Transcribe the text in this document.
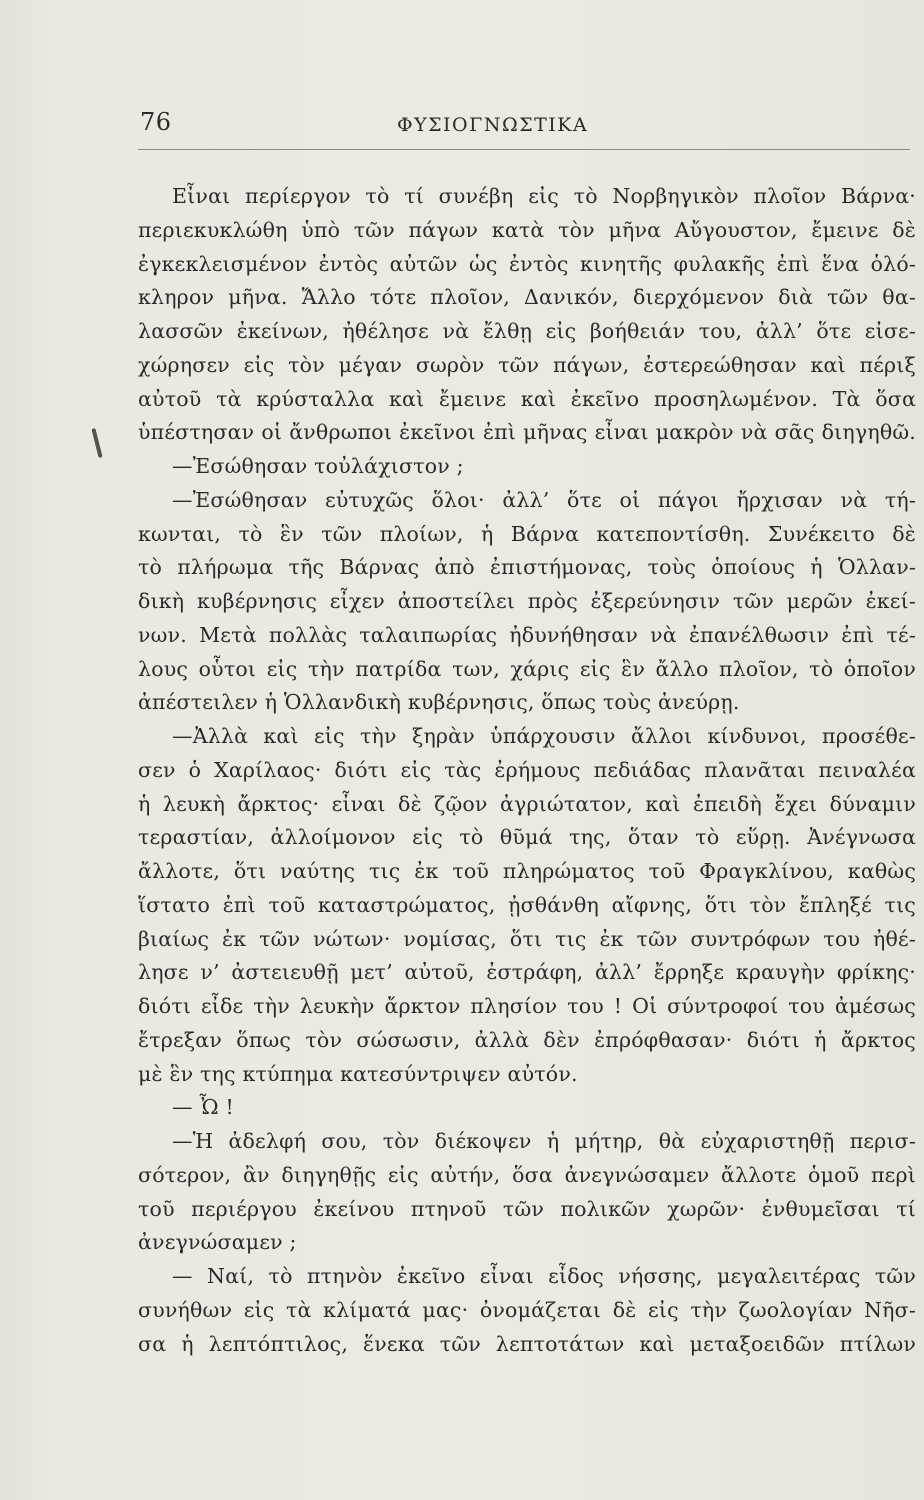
76	ΦΥΣΙΟΓΝΩΣΤΙΚΑ
Εἶναι περίεργον τὸ τί συνέβη εἰς τὸ Νορβηγικὸν πλοῖον Βάρνα·
περιεκυκλώθη ὑπὸ τῶν πάγων κατὰ τὸν μῆνα Αὔγουστον, ἔμεινε δὲ
ἐγκεκλεισμένον ἐντὸς αὐτῶν ὡς ἐντὸς κινητῆς φυλακῆς ἐπὶ ἕνα ὁλό-
κληρον μῆνα. Ἄλλο τότε πλοῖον, Δανικόν, διερχόμενον διὰ τῶν θα-
λασσῶν ἐκείνων, ἠθέλησε νὰ ἔλθῃ εἰς βοήθειάν του, ἀλλ’ ὅτε εἰσε-
χώρησεν εἰς τὸν μέγαν σωρὸν τῶν πάγων, ἐστερεώθησαν καὶ πέριξ
αὐτοῦ τὰ κρύσταλλα καὶ ἔμεινε καὶ ἐκεῖνο προσηλωμένον. Τὰ ὅσα
ὑπέστησαν οἱ ἄνθρωποι ἐκεῖνοι ἐπὶ μῆνας εἶναι μακρὸν νὰ σᾶς διηγηθῶ.
—Ἐσώθησαν τοὐλάχιστον ;
—Ἐσώθησαν εὐτυχῶς ὅλοι· ἀλλ’ ὅτε οἱ πάγοι ἤρχισαν νὰ τή-
κωνται, τὸ ἓν τῶν πλοίων, ἡ Βάρνα κατεποντίσθη. Συνέκειτο δὲ
τὸ πλήρωμα τῆς Βάρνας ἀπὸ ἐπιστήμονας, τοὺς ὁποίους ἡ Ὁλλαν-
δικὴ κυβέρνησις εἶχεν ἀποστείλει πρὸς ἐξερεύνησιν τῶν μερῶν ἐκεί-
νων. Μετὰ πολλὰς ταλαιπωρίας ἠδυνήθησαν νὰ ἐπανέλθωσιν ἐπὶ τέ-
λους οὗτοι εἰς τὴν πατρίδα των, χάρις εἰς ἓν ἄλλο πλοῖον, τὸ ὁποῖον
ἀπέστειλεν ἡ Ὁλλανδικὴ κυβέρνησις, ὅπως τοὺς ἀνεύρῃ.
—Ἀλλὰ καὶ εἰς τὴν ξηρὰν ὑπάρχουσιν ἄλλοι κίνδυνοι, προσέθε-
σεν ὁ Χαρίλαος· διότι εἰς τὰς ἐρήμους πεδιάδας πλανᾶται πειναλέα
ἡ λευκὴ ἄρκτος· εἶναι δὲ ζῷον ἀγριώτατον, καὶ ἐπειδὴ ἔχει δύναμιν
τεραστίαν, ἀλλοίμονον εἰς τὸ θῦμά της, ὅταν τὸ εὕρῃ. Ἀνέγνωσα
ἄλλοτε, ὅτι ναύτης τις ἐκ τοῦ πληρώματος τοῦ Φραγκλίνου, καθὼς
ἵστατο ἐπὶ τοῦ καταστρώματος, ᾐσθάνθη αἴφνης, ὅτι τὸν ἔπληξέ τις
βιαίως ἐκ τῶν νώτων· νομίσας, ὅτι τις ἐκ τῶν συντρόφων του ἠθέ-
λησε ν’ ἀστειευθῇ μετ’ αὐτοῦ, ἐστράφη, ἀλλ’ ἔρρηξε κραυγὴν φρίκης·
διότι εἶδε τὴν λευκὴν ἄρκτον πλησίον του ! Οἱ σύντροφοί του ἀμέσως
ἔτρεξαν ὅπως τὸν σώσωσιν, ἀλλὰ δὲν ἐπρόφθασαν· διότι ἡ ἄρκτος
μὲ ἓν της κτύπημα κατεσύντριψεν αὐτόν.
— Ὦ !
—Ἡ ἀδελφή σου, τὸν διέκοψεν ἡ μήτηρ, θὰ εὐχαριστηθῇ περισ-
σότερον, ἂν διηγηθῇς εἰς αὐτήν, ὅσα ἀνεγνώσαμεν ἄλλοτε ὁμοῦ περὶ
τοῦ περιέργου ἐκείνου πτηνοῦ τῶν πολικῶν χωρῶν· ἐνθυμεῖσαι τί
ἀνεγνώσαμεν ;
— Ναί, τὸ πτηνὸν ἐκεῖνο εἶναι εἶδος νήσσης, μεγαλειτέρας τῶν
συνήθων εἰς τὰ κλίματά μας· ὀνομάζεται δὲ εἰς τὴν ζωολογίαν Νῆσ-
σα ἡ λεπτόπτιλος, ἕνεκα τῶν λεπτοτάτων καὶ μεταξοειδῶν πτίλων
